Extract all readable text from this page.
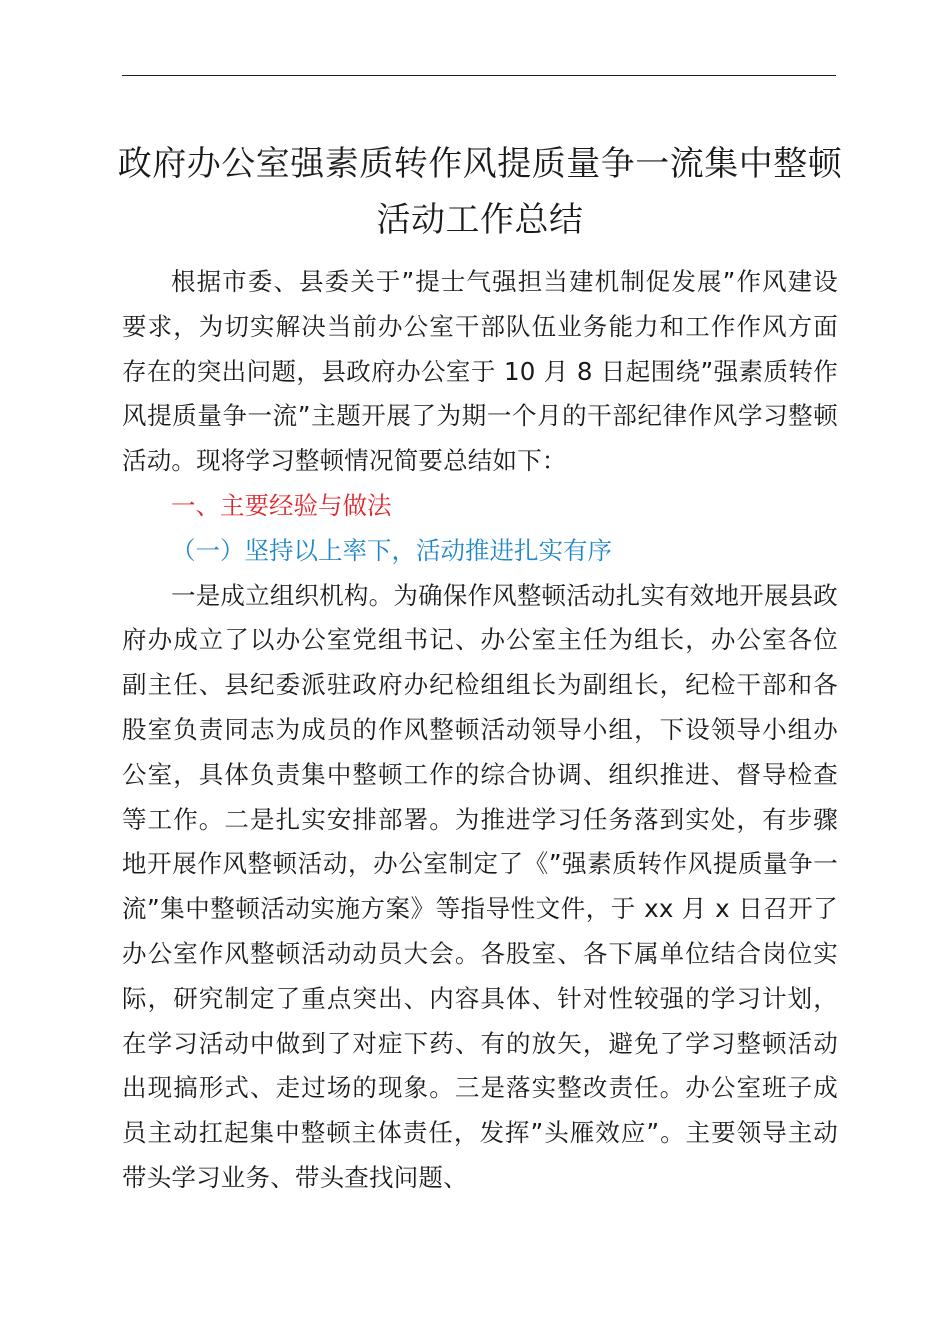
政府办公室强素质转作风提质量争一流集中整顿活动工作总结

根据市委、县委关于”提士气强担当建机制促发展”作风建设要求，为切实解决当前办公室干部队伍业务能力和工作作风方面存在的突出问题，县政府办公室于 10 月 8 日起围绕”强素质转作风提质量争一流”主题开展了为期一个月的干部纪律作风学习整顿活动。现将学习整顿情况简要总结如下：

一、主要经验与做法

（一）坚持以上率下，活动推进扎实有序

一是成立组织机构。为确保作风整顿活动扎实有效地开展县政府办成立了以办公室党组书记、办公室主任为组长，办公室各位副主任、县纪委派驻政府办纪检组组长为副组长，纪检干部和各股室负责同志为成员的作风整顿活动领导小组，下设领导小组办公室，具体负责集中整顿工作的综合协调、组织推进、督导检查等工作。二是扎实安排部署。为推进学习任务落到实处，有步骤地开展作风整顿活动，办公室制定了《”强素质转作风提质量争一流”集中整顿活动实施方案》等指导性文件，于 xx 月 x 日召开了办公室作风整顿活动动员大会。各股室、各下属单位结合岗位实际，研究制定了重点突出、内容具体、针对性较强的学习计划，在学习活动中做到了对症下药、有的放矢，避免了学习整顿活动出现搞形式、走过场的现象。三是落实整改责任。办公室班子成员主动扛起集中整顿主体责任，发挥”头雁效应”。主要领导主动带头学习业务、带头查找问题、
